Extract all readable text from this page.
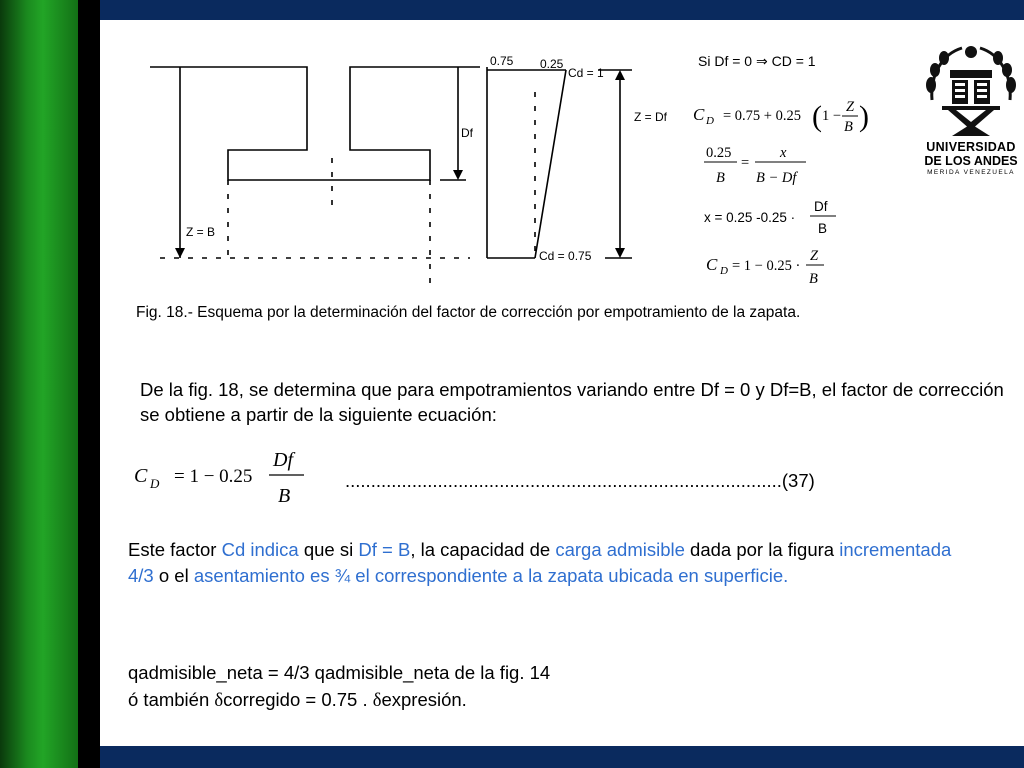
0.75 0.25
Cd = 1
Df
Z = Df
Z = B
Cd = 0.75
Si Df = 0 ⇒ CD = 1
C D = 0.75 + 0.25 ( 1 −
Z
B )
0.25
B
=
x
B − Df
x = 0.25 -0.25 ·
Df
B
C D = 1 − 0.25 ·
Z
B
UNIVERSIDAD
DE LOS ANDES
MERIDA VENEZUELA
Fig. 18.- Esquema por la determinación del factor de corrección por empotramiento de la zapata.
De la fig. 18, se determina que para empotramientos variando entre Df = 0 y Df=B, el factor de corrección se obtiene a partir de la siguiente ecuación:
C D = 1 − 0.25
Df
B
.....................................................................................(37)
Este factor Cd indica que si Df = B, la capacidad de carga admisible dada por la figura incrementada 4/3 o el asentamiento es ¾ el correspondiente a la zapata ubicada en superficie.
qadmisible_neta = 4/3 qadmisible_neta de la fig. 14
ó también δcorregido = 0.75 . δexpresión.
